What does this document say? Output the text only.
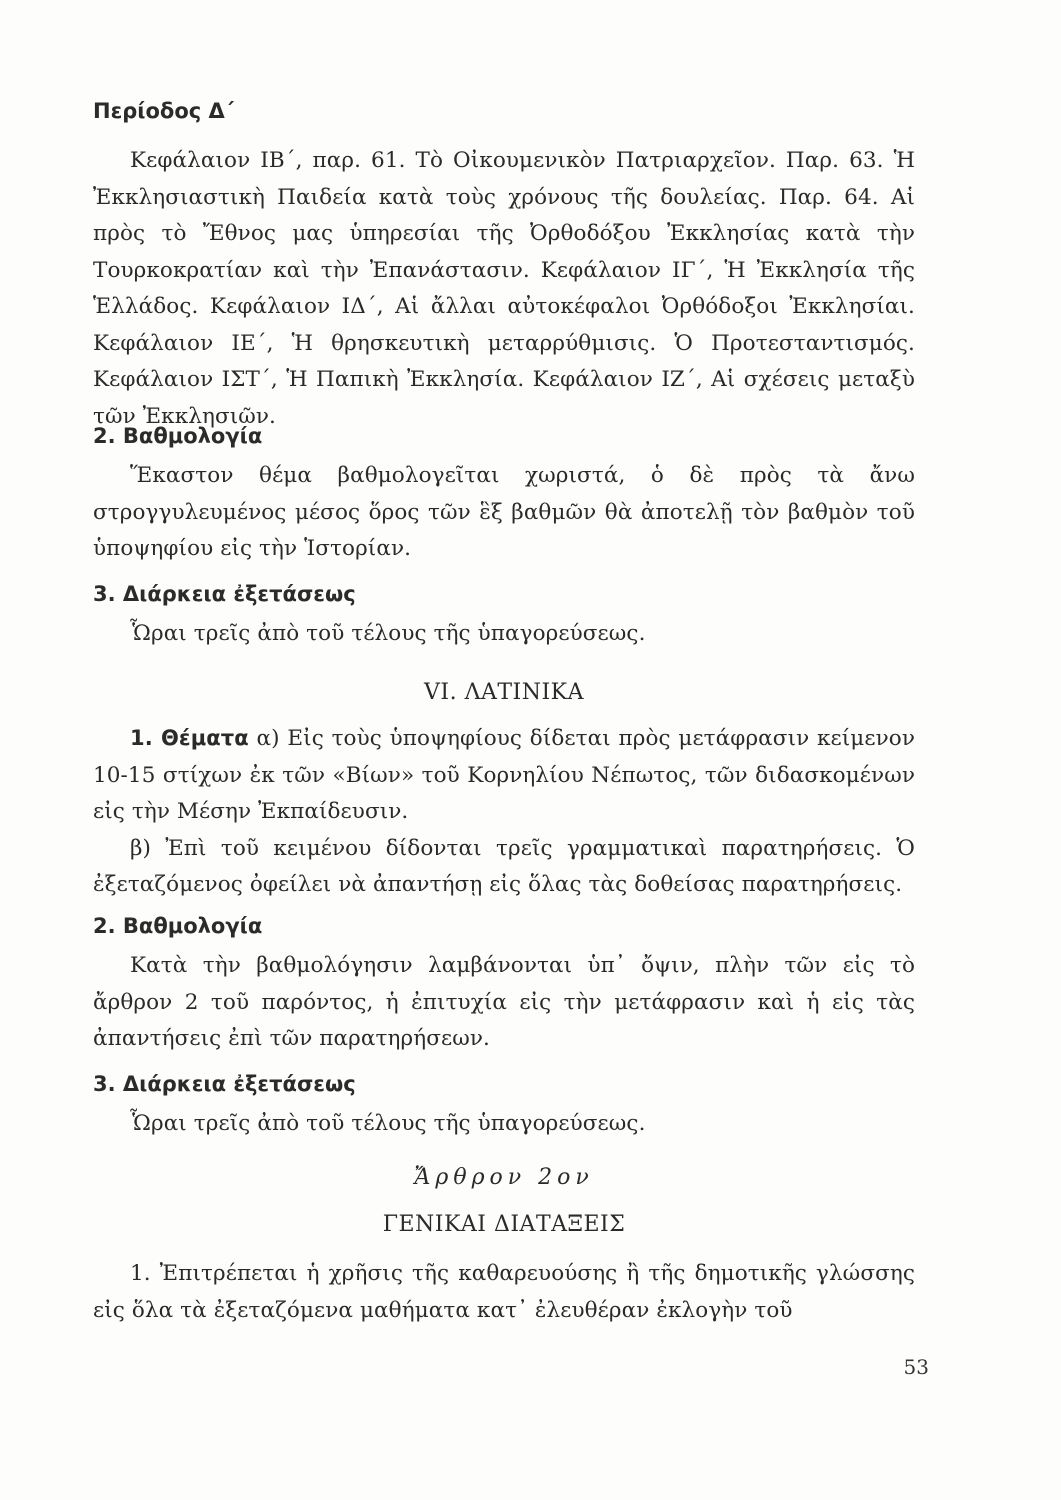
Περίοδος Δ΄

Κεφάλαιον ΙΒ΄, παρ. 61. Τὸ Οἰκουμενικὸν Πατριαρχεῖον. Παρ. 63. Ἡ Ἐκκλησιαστικὴ Παιδεία κατὰ τοὺς χρόνους τῆς δουλείας. Παρ. 64. Αἱ πρὸς τὸ Ἔθνος μας ὑπηρεσίαι τῆς Ὀρθοδόξου Ἐκκλησίας κατὰ τὴν Τουρκοκρατίαν καὶ τὴν Ἐπανάστασιν. Κεφάλαιον ΙΓ΄, Ἡ Ἐκκλησία τῆς Ἑλλάδος. Κεφάλαιον ΙΔ΄, Αἱ ἄλλαι αὐτοκέφαλοι Ὀρθόδοξοι Ἐκκλησίαι. Κεφάλαιον ΙΕ΄, Ἡ θρησκευτικὴ μεταρρύθμισις. Ὁ Προτεσταντισμός. Κεφάλαιον ΙΣΤ΄, Ἡ Παπικὴ Ἐκκλησία. Κεφάλαιον ΙΖ΄, Αἱ σχέσεις μεταξὺ τῶν Ἐκκλησιῶν.

2. Βαθμολογία

Ἕκαστον θέμα βαθμολογεῖται χωριστά, ὁ δὲ πρὸς τὰ ἄνω στρογγυλευμένος μέσος ὅρος τῶν ἓξ βαθμῶν θὰ ἀποτελῇ τὸν βαθμὸν τοῦ ὑποψηφίου εἰς τὴν Ἱστορίαν.

3. Διάρκεια ἐξετάσεως

Ὧραι τρεῖς ἀπὸ τοῦ τέλους τῆς ὑπαγορεύσεως.

VI. ΛΑΤΙΝΙΚΑ

1. Θέματα α) Εἰς τοὺς ὑποψηφίους δίδεται πρὸς μετάφρασιν κείμενον 10-15 στίχων ἐκ τῶν «Βίων» τοῦ Κορνηλίου Νέπωτος, τῶν διδασκομένων εἰς τὴν Μέσην Ἐκπαίδευσιν.

β) Ἐπὶ τοῦ κειμένου δίδονται τρεῖς γραμματικαὶ παρατηρήσεις. Ὁ ἐξεταζόμενος ὀφείλει νὰ ἀπαντήσῃ εἰς ὅλας τὰς δοθείσας παρατηρήσεις.

2. Βαθμολογία

Κατὰ τὴν βαθμολόγησιν λαμβάνονται ὑπ᾽ ὄψιν, πλὴν τῶν εἰς τὸ ἄρθρον 2 τοῦ παρόντος, ἡ ἐπιτυχία εἰς τὴν μετάφρασιν καὶ ἡ εἰς τὰς ἀπαντήσεις ἐπὶ τῶν παρατηρήσεων.

3. Διάρκεια ἐξετάσεως

Ὧραι τρεῖς ἀπὸ τοῦ τέλους τῆς ὑπαγορεύσεως.

Ἄρθρον 2ον

ΓΕΝΙΚΑΙ ΔΙΑΤΑΞΕΙΣ

1. Ἐπιτρέπεται ἡ χρῆσις τῆς καθαρευούσης ἢ τῆς δημοτικῆς γλώσσης εἰς ὅλα τὰ ἐξεταζόμενα μαθήματα κατ᾽ ἐλευθέραν ἐκλογὴν τοῦ

53
